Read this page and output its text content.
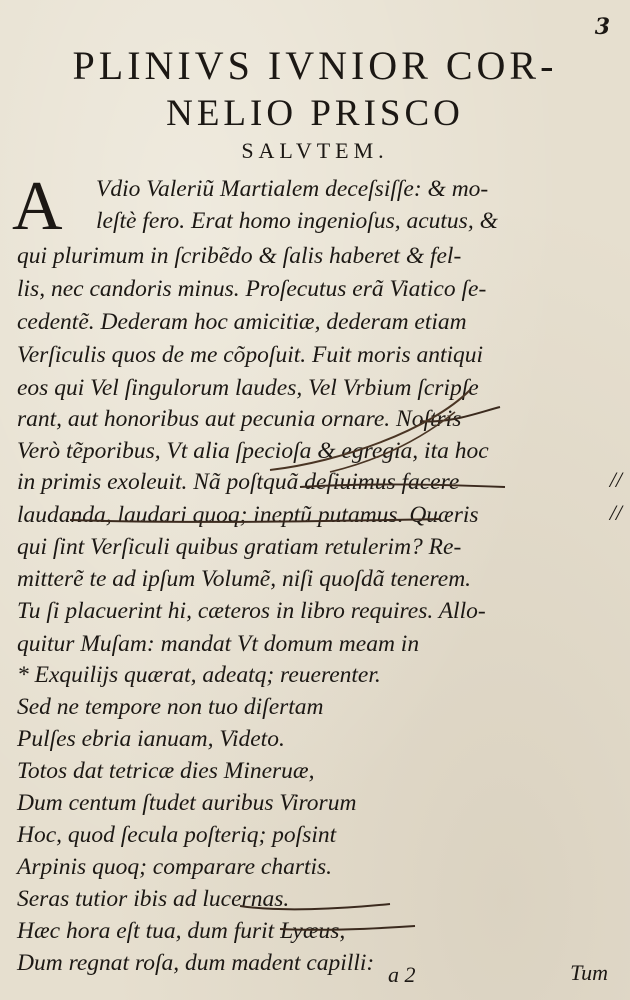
3
PLINIVS IVNIOR COR-
NELIO PRISCO
SALVTEM.
A Vdio Valeriũ Martialem deceſsiſſe: & mo-
leſtè fero. Erat homo ingenioſus, acutus, &
qui plurimum in ſcribẽdo & ſalis haberet & fel-
lis, nec candoris minus. Proſecutus erã Viatico ſe-
cedentẽ. Dederam hoc amicitiæ, dederam etiam
Verſiculis quos de me cõpoſuit. Fuit moris antiqui
eos qui Vel ſingulorum laudes, Vel Vrbium ſcripſe
rant, aut honoribus aut pecunia ornare. Noſtris
Verò tẽporibus, Vt alia ſpecioſa & egregia, ita hoc
in primis exoleuit. Nã poſtquã deſiuimus facere
laudanda, laudari quoq; ineptũ putamus. Quæris
qui ſint Verſiculi quibus gratiam retulerim? Re-
mitterẽ te ad ipſum Volumẽ, niſi quoſdã tenerem.
Tu ſi placuerint hi, cæteros in libro requires. Allo-
quitur Muſam: mandat Vt domum meam in
* Exquilijs quærat, adeatq; reuerenter.
Sed ne tempore non tuo diſertam
Pulſes ebria ianuam, Videto.
Totos dat tetricæ dies Mineruæ,
Dum centum ſtudet auribus Virorum
Hoc, quod ſecula poſteriq; poſsint
Arpinis quoq; comparare chartis.
Seras tutior ibis ad lucernas.
Hæc hora eſt tua, dum furit Lyæus,
Dum regnat roſa, dum madent capilli:
//
//
a 2	Tum
